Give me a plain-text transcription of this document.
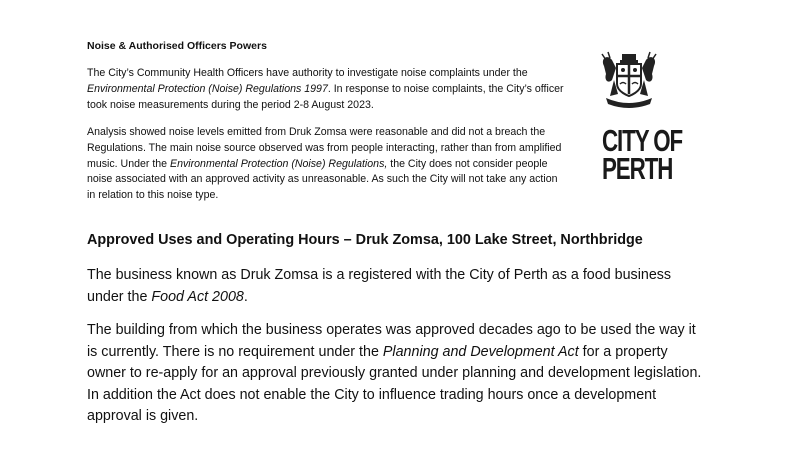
Noise & Authorised Officers Powers
The City’s Community Health Officers have authority to investigate noise complaints under the Environmental Protection (Noise) Regulations 1997. In response to noise complaints, the City’s officer took noise measurements during the period 2-8 August 2023.
Analysis showed noise levels emitted from Druk Zomsa were reasonable and did not a breach the Regulations. The main noise source observed was from people interacting, rather than from amplified music. Under the Environmental Protection (Noise) Regulations, the City does not consider people noise associated with an approved activity as unreasonable. As such the City will not take any action in relation to this noise type.
CITY OF
PERTH
Approved Uses and Operating Hours – Druk Zomsa, 100 Lake Street, Northbridge
The business known as Druk Zomsa is a registered with the City of Perth as a food business under the Food Act 2008.
The building from which the business operates was approved decades ago to be used the way it is currently. There is no requirement under the Planning and Development Act for a property owner to re-apply for an approval previously granted under planning and development legislation. In addition the Act does not enable the City to influence trading hours once a development approval is given.
